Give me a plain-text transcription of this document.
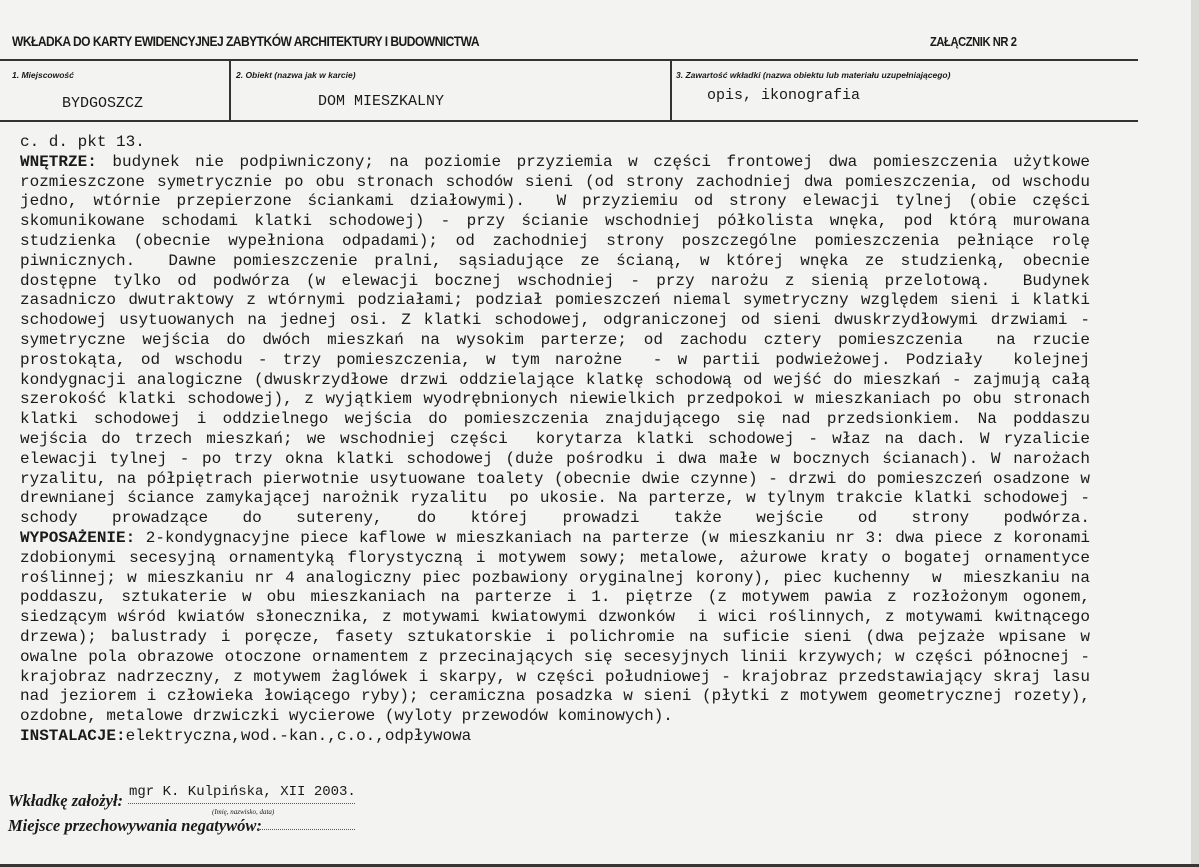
WKŁADKA DO KARTY EWIDENCYJNEJ ZABYTKÓW ARCHITEKTURY I BUDOWNICTWA	ZAŁĄCZNIK NR 2
1. Miejscowość
BYDGOSZCZ
2. Obiekt (nazwa jak w karcie)
DOM MIESZKALNY
3. Zawartość wkładki (nazwa obiektu lub materiału uzupełniającego)
opis, ikonografia
c. d. pkt 13.
WNĘTRZE: budynek nie podpiwniczony; na poziomie przyziemia w części frontowej dwa pomieszczenia użytkowe
rozmieszczone symetrycznie po obu stronach schodów sieni (od strony zachodniej dwa pomieszczenia, od wschodu
jedno, wtórnie przepierzone ściankami działowymi).  W przyziemiu od strony elewacji tylnej (obie części
skomunikowane schodami klatki schodowej) - przy ścianie wschodniej półkolista wnęka, pod którą murowana
studzienka (obecnie wypełniona odpadami); od zachodniej strony poszczególne pomieszczenia pełniące rolę
piwnicznych.  Dawne pomieszczenie pralni, sąsiadujące ze ścianą, w której wnęka ze studzienką, obecnie
dostępne tylko od podwórza (w elewacji bocznej wschodniej - przy narożu z sienią przelotową.  Budynek
zasadniczo dwutraktowy z wtórnymi podziałami; podział pomieszczeń niemal symetryczny względem sieni i klatki
schodowej usytuowanych na jednej osi. Z klatki schodowej, odgraniczonej od sieni dwuskrzydłowymi drzwiami -
symetryczne wejścia do dwóch mieszkań na wysokim parterze; od zachodu cztery pomieszczenia  na rzucie
prostokąta, od wschodu - trzy pomieszczenia, w tym narożne  - w partii podwieżowej. Podziały  kolejnej
kondygnacji analogiczne (dwuskrzydłowe drzwi oddzielające klatkę schodową od wejść do mieszkań - zajmują całą
szerokość klatki schodowej), z wyjątkiem wyodrębnionych niewielkich przedpokoi w mieszkaniach po obu stronach
klatki schodowej i oddzielnego wejścia do pomieszczenia znajdującego się nad przedsionkiem. Na poddaszu
wejścia do trzech mieszkań; we wschodniej części  korytarza klatki schodowej - właz na dach. W ryzalicie
elewacji tylnej - po trzy okna klatki schodowej (duże pośrodku i dwa małe w bocznych ścianach). W narożach
ryzalitu, na półpiętrach pierwotnie usytuowane toalety (obecnie dwie czynne) - drzwi do pomieszczeń osadzone w
drewnianej ściance zamykającej narożnik ryzalitu  po ukosie. Na parterze, w tylnym trakcie klatki schodowej -
schody prowadzące do sutereny, do której prowadzi także wejście od strony podwórza.
WYPOSAŻENIE: 2-kondygnacyjne piece kaflowe w mieszkaniach na parterze (w mieszkaniu nr 3: dwa piece z koronami
zdobionymi secesyjną ornamentyką florystyczną i motywem sowy; metalowe, ażurowe kraty o bogatej ornamentyce
roślinnej; w mieszkaniu nr 4 analogiczny piec pozbawiony oryginalnej korony), piec kuchenny  w  mieszkaniu na
poddaszu, sztukaterie w obu mieszkaniach na parterze i 1. piętrze (z motywem pawia z rozłożonym ogonem,
siedzącym wśród kwiatów słonecznika, z motywami kwiatowymi dzwonków  i wici roślinnych, z motywami kwitnącego
drzewa); balustrady i poręcze, fasety sztukatorskie i polichromie na suficie sieni (dwa pejzaże wpisane w
owalne pola obrazowe otoczone ornamentem z przecinających się secesyjnych linii krzywych; w części północnej -
krajobraz nadrzeczny, z motywem żaglówek i skarpy, w części południowej - krajobraz przedstawiający skraj lasu
nad jeziorem i człowieka łowiącego ryby); ceramiczna posadzka w sieni (płytki z motywem geometrycznej rozety),
ozdobne, metalowe drzwiczki wycierowe (wyloty przewodów kominowych).
INSTALACJE:elektryczna,wod.-kan.,c.o.,odpływowa
Wkładkę założył: mgr K. Kulpińska, XII 2003.
(Imię, nazwisko, data)
Miejsce przechowywania negatywów:
